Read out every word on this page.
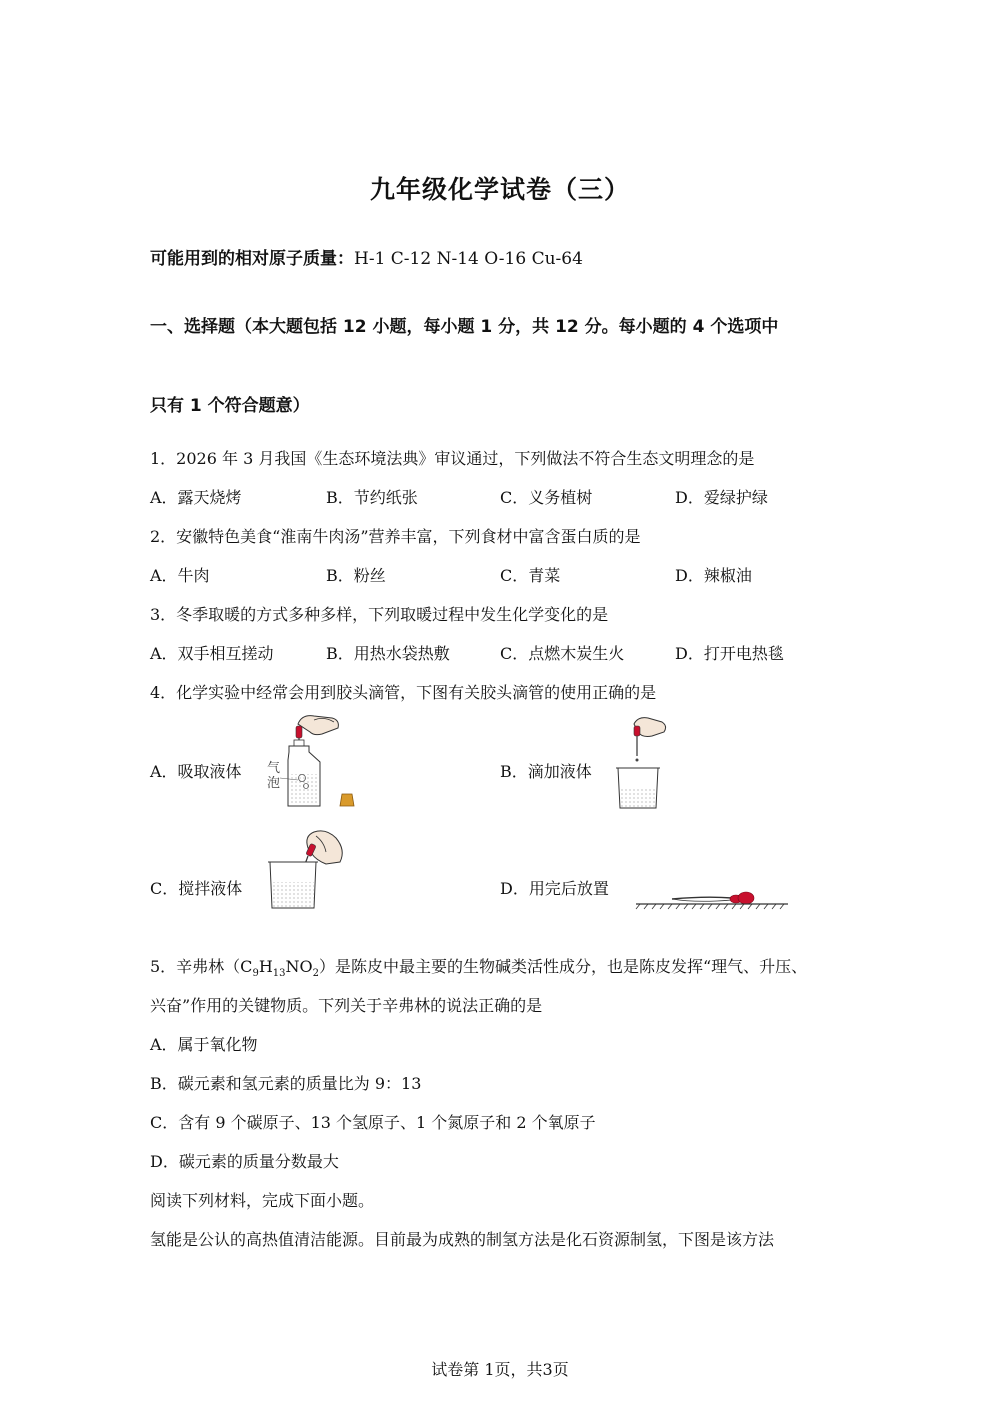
九年级化学试卷（三）
可能用到的相对原子质量：H-1 C-12 N-14 O-16 Cu-64
一、选择题（本大题包括 12 小题，每小题 1 分，共 12 分。每小题的 4 个选项中
只有 1 个符合题意）
1．2026 年 3 月我国《生态环境法典》审议通过，下列做法不符合生态文明理念的是
A．露天烧烤	B．节约纸张	C．义务植树	D．爱绿护绿
2．安徽特色美食“淮南牛肉汤”营养丰富，下列食材中富含蛋白质的是
A．牛肉	B．粉丝	C．青菜	D．辣椒油
3．冬季取暖的方式多种多样，下列取暖过程中发生化学变化的是
A．双手相互搓动	B．用热水袋热敷	C．点燃木炭生火	D．打开电热毯
4．化学实验中经常会用到胶头滴管，下图有关胶头滴管的使用正确的是
A．吸取液体	B．滴加液体
C．搅拌液体	D．用完后放置
气
泡
5．辛弗林$(C_9H_{13}NO_2)$是陈皮中最主要的生物碱类活性成分，也是陈皮发挥“理气、升压、
兴奋”作用的关键物质。下列关于辛弗林的说法正确的是
A．属于氧化物
B．碳元素和氢元素的质量比为 9：13
C．含有 9 个碳原子、13 个氢原子、1 个氮原子和 2 个氧原子
D．碳元素的质量分数最大
阅读下列材料，完成下面小题。
氢能是公认的高热值清洁能源。目前最为成熟的制氢方法是化石资源制氢，下图是该方法
试卷第 1页，共3页
